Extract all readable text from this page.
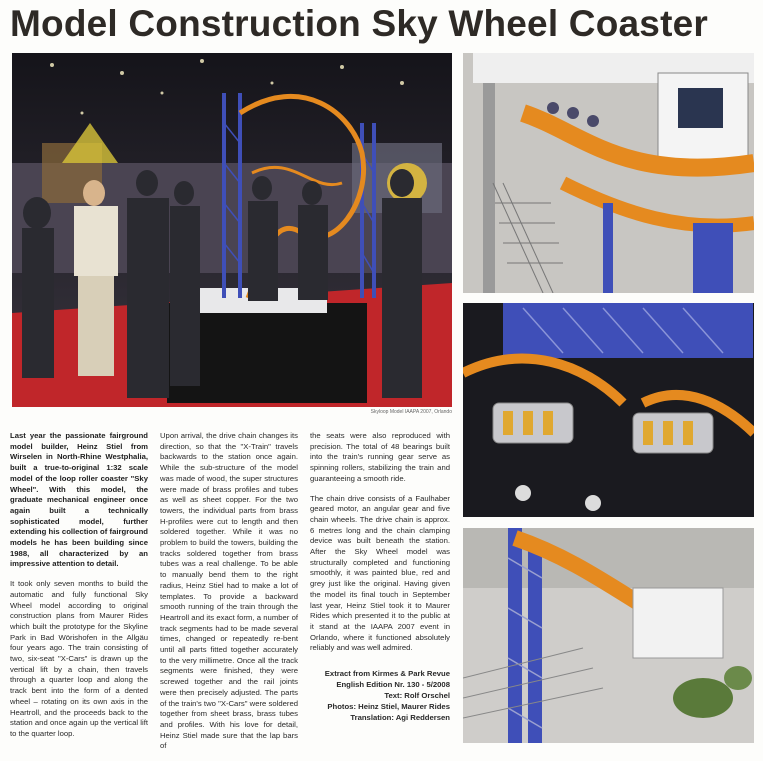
Model Construction Sky Wheel Coaster

Skyloop Model IAAPA 2007, Orlando

Last year the passionate fairground model builder, Heinz Stiel from Wirselen in North-Rhine Westphalia, built a true-to-original 1:32 scale model of the loop roller coaster "Sky Wheel". With this model, the graduate mechanical engineer once again built a technically sophisticated model, further extending his collection of fairground models he has been building since 1988, all characterized by an impressive attention to detail.

It took only seven months to build the automatic and fully functional Sky Wheel model according to original construction plans from Maurer Rides which built the prototype for the Skyline Park in Bad Wörishofen in the Allgäu four years ago. The train consisting of two, six-seat "X-Cars" is drawn up the vertical lift by a chain, then travels through a quarter loop and along the track bent into the form of a dented wheel – rotating on its own axis in the Heartroll, and the proceeds back to the station and once again up the vertical lift to the quarter loop.

Upon arrival, the drive chain changes its direction, so that the "X-Train" travels backwards to the station once again. While the sub-structure of the model was made of wood, the super structures were made of brass profiles and tubes as well as sheet copper. For the two towers, the individual parts from brass H-profiles were cut to length and then soldered together. While it was no problem to build the towers, building the tracks soldered together from brass tubes was a real challenge. To be able to manually bend them to the right radius, Heinz Stiel had to make a lot of templates. To provide a backward smooth running of the train through the Heartroll and its exact form, a number of track segments had to be made several times, changed or repeatedly re-bent until all parts fitted together accurately to the very millimetre. Once all the track segments were finished, they were screwed together and the rail joints were then precisely adjusted. The parts of the train's two "X-Cars" were soldered together from sheet brass, brass tubes and profiles. With his love for detail, Heinz Stiel made sure that the lap bars of

the seats were also reproduced with precision. The total of 48 bearings built into the train's running gear serve as spinning rollers, stabilizing the train and guaranteeing a smooth ride.

The chain drive consists of a Faulhaber geared motor, an angular gear and five chain wheels. The drive chain is approx. 6 metres long and the chain clamping device was built beneath the station. After the Sky Wheel model was structurally completed and functioning smoothly, it was painted blue, red and grey just like the original. Having given the model its final touch in September last year, Heinz Stiel took it to Maurer Rides which presented it to the public at it stand at the IAAPA 2007 event in Orlando, where it functioned absolutely reliably and was well admired.

Extract from Kirmes & Park Revue
English Edition Nr. 130 - 5/2008
Text: Rolf Orschel
Photos: Heinz Stiel, Maurer Rides
Translation: Agi Reddersen
